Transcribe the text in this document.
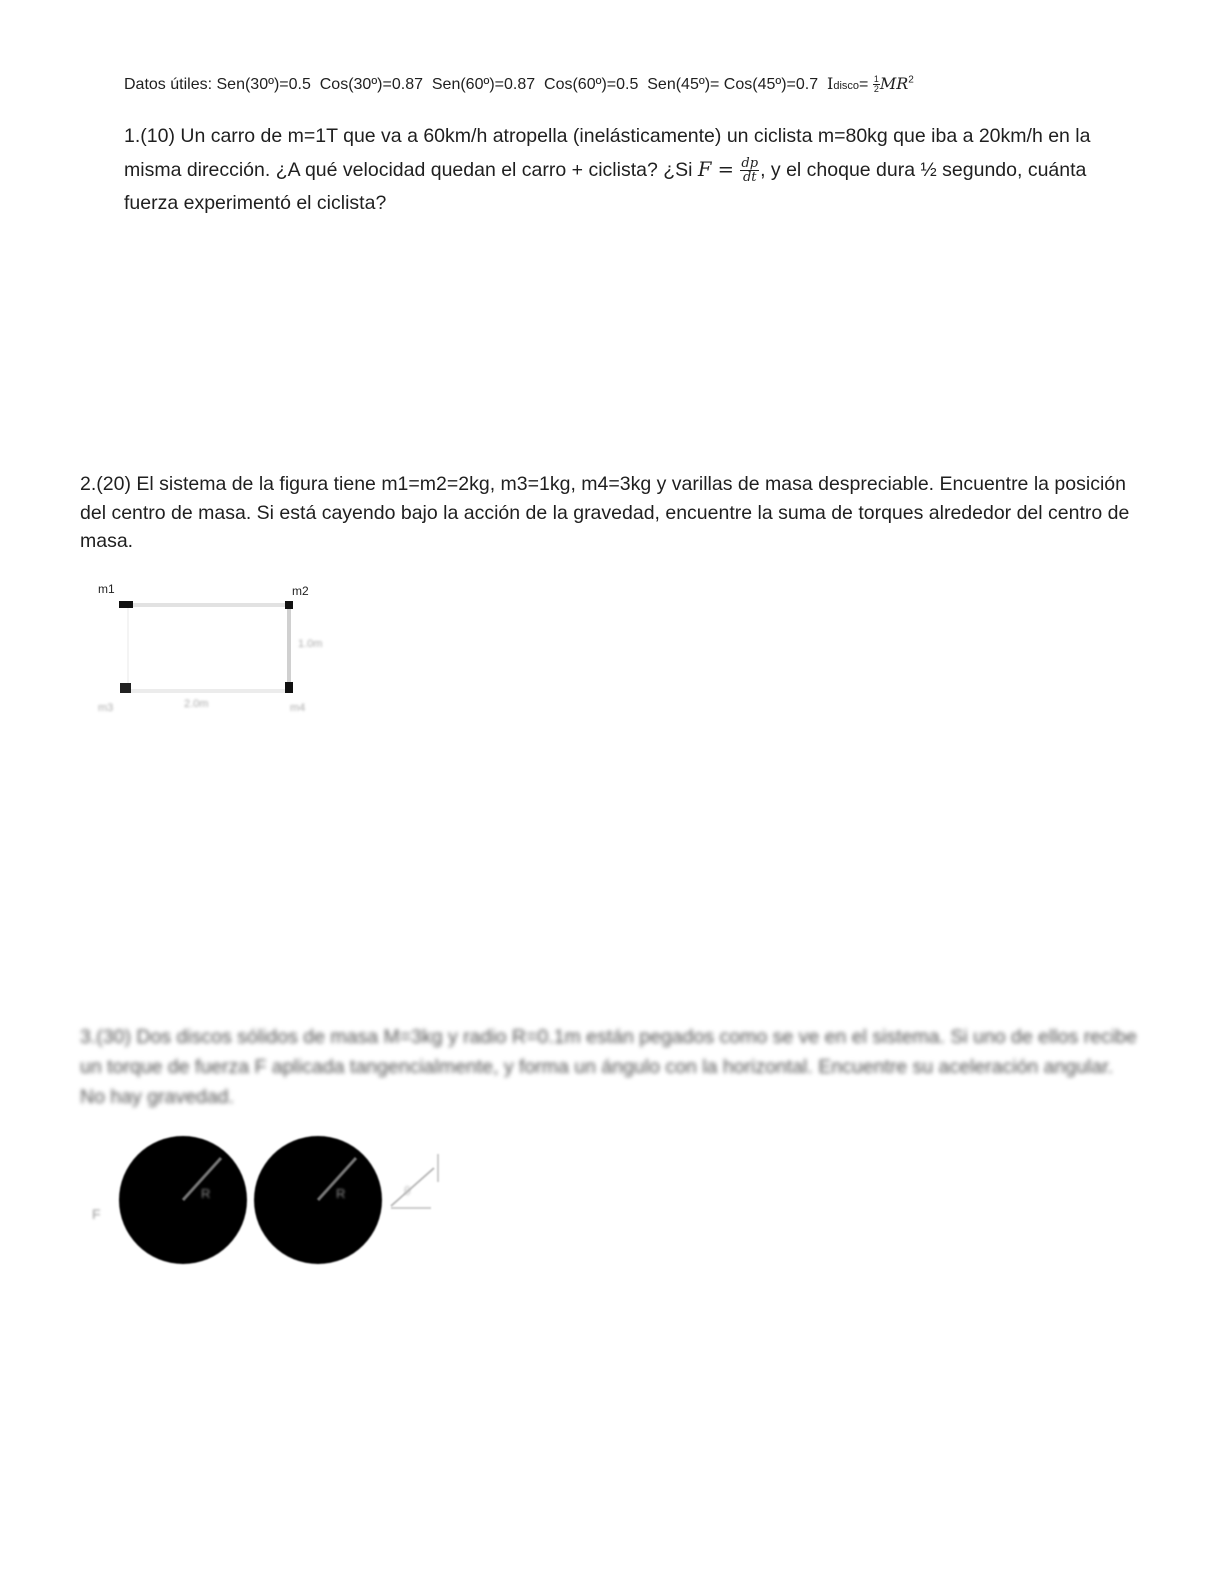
Datos útiles: Sen(30º)=0.5 Cos(30º)=0.87 Sen(60º)=0.87 Cos(60º)=0.5 Sen(45º)= Cos(45º)=0.7 Idisco= $\frac{1}{2} MR^2$
1.(10) Un carro de m=1T que va a 60km/h atropella (inelásticamente) un ciclista m=80kg que iba a 20km/h en la misma dirección. ¿A qué velocidad quedan el carro + ciclista? ¿Si $F = \frac{dp}{dt}$ , y el choque dura ½ segundo, cuánta fuerza experimentó el ciclista?
2.(20) El sistema de la figura tiene m1=m2=2kg, m3=1kg, m4=3kg y varillas de masa despreciable. Encuentre la posición del centro de masa. Si está cayendo bajo la acción de la gravedad, encuentre la suma de torques alrededor del centro de masa.
m1	m2
1.0m
2.0m
m3	m4
3.(30) Dos discos sólidos de masa M=3kg y radio R=0.1m están pegados como se ve en el sistema. Si uno de ellos recibe un torque de fuerza F aplicada tangencialmente, y forma un ángulo con la horizontal. Encuentre su aceleración angular. No hay gravedad.
F
R	R	θ
